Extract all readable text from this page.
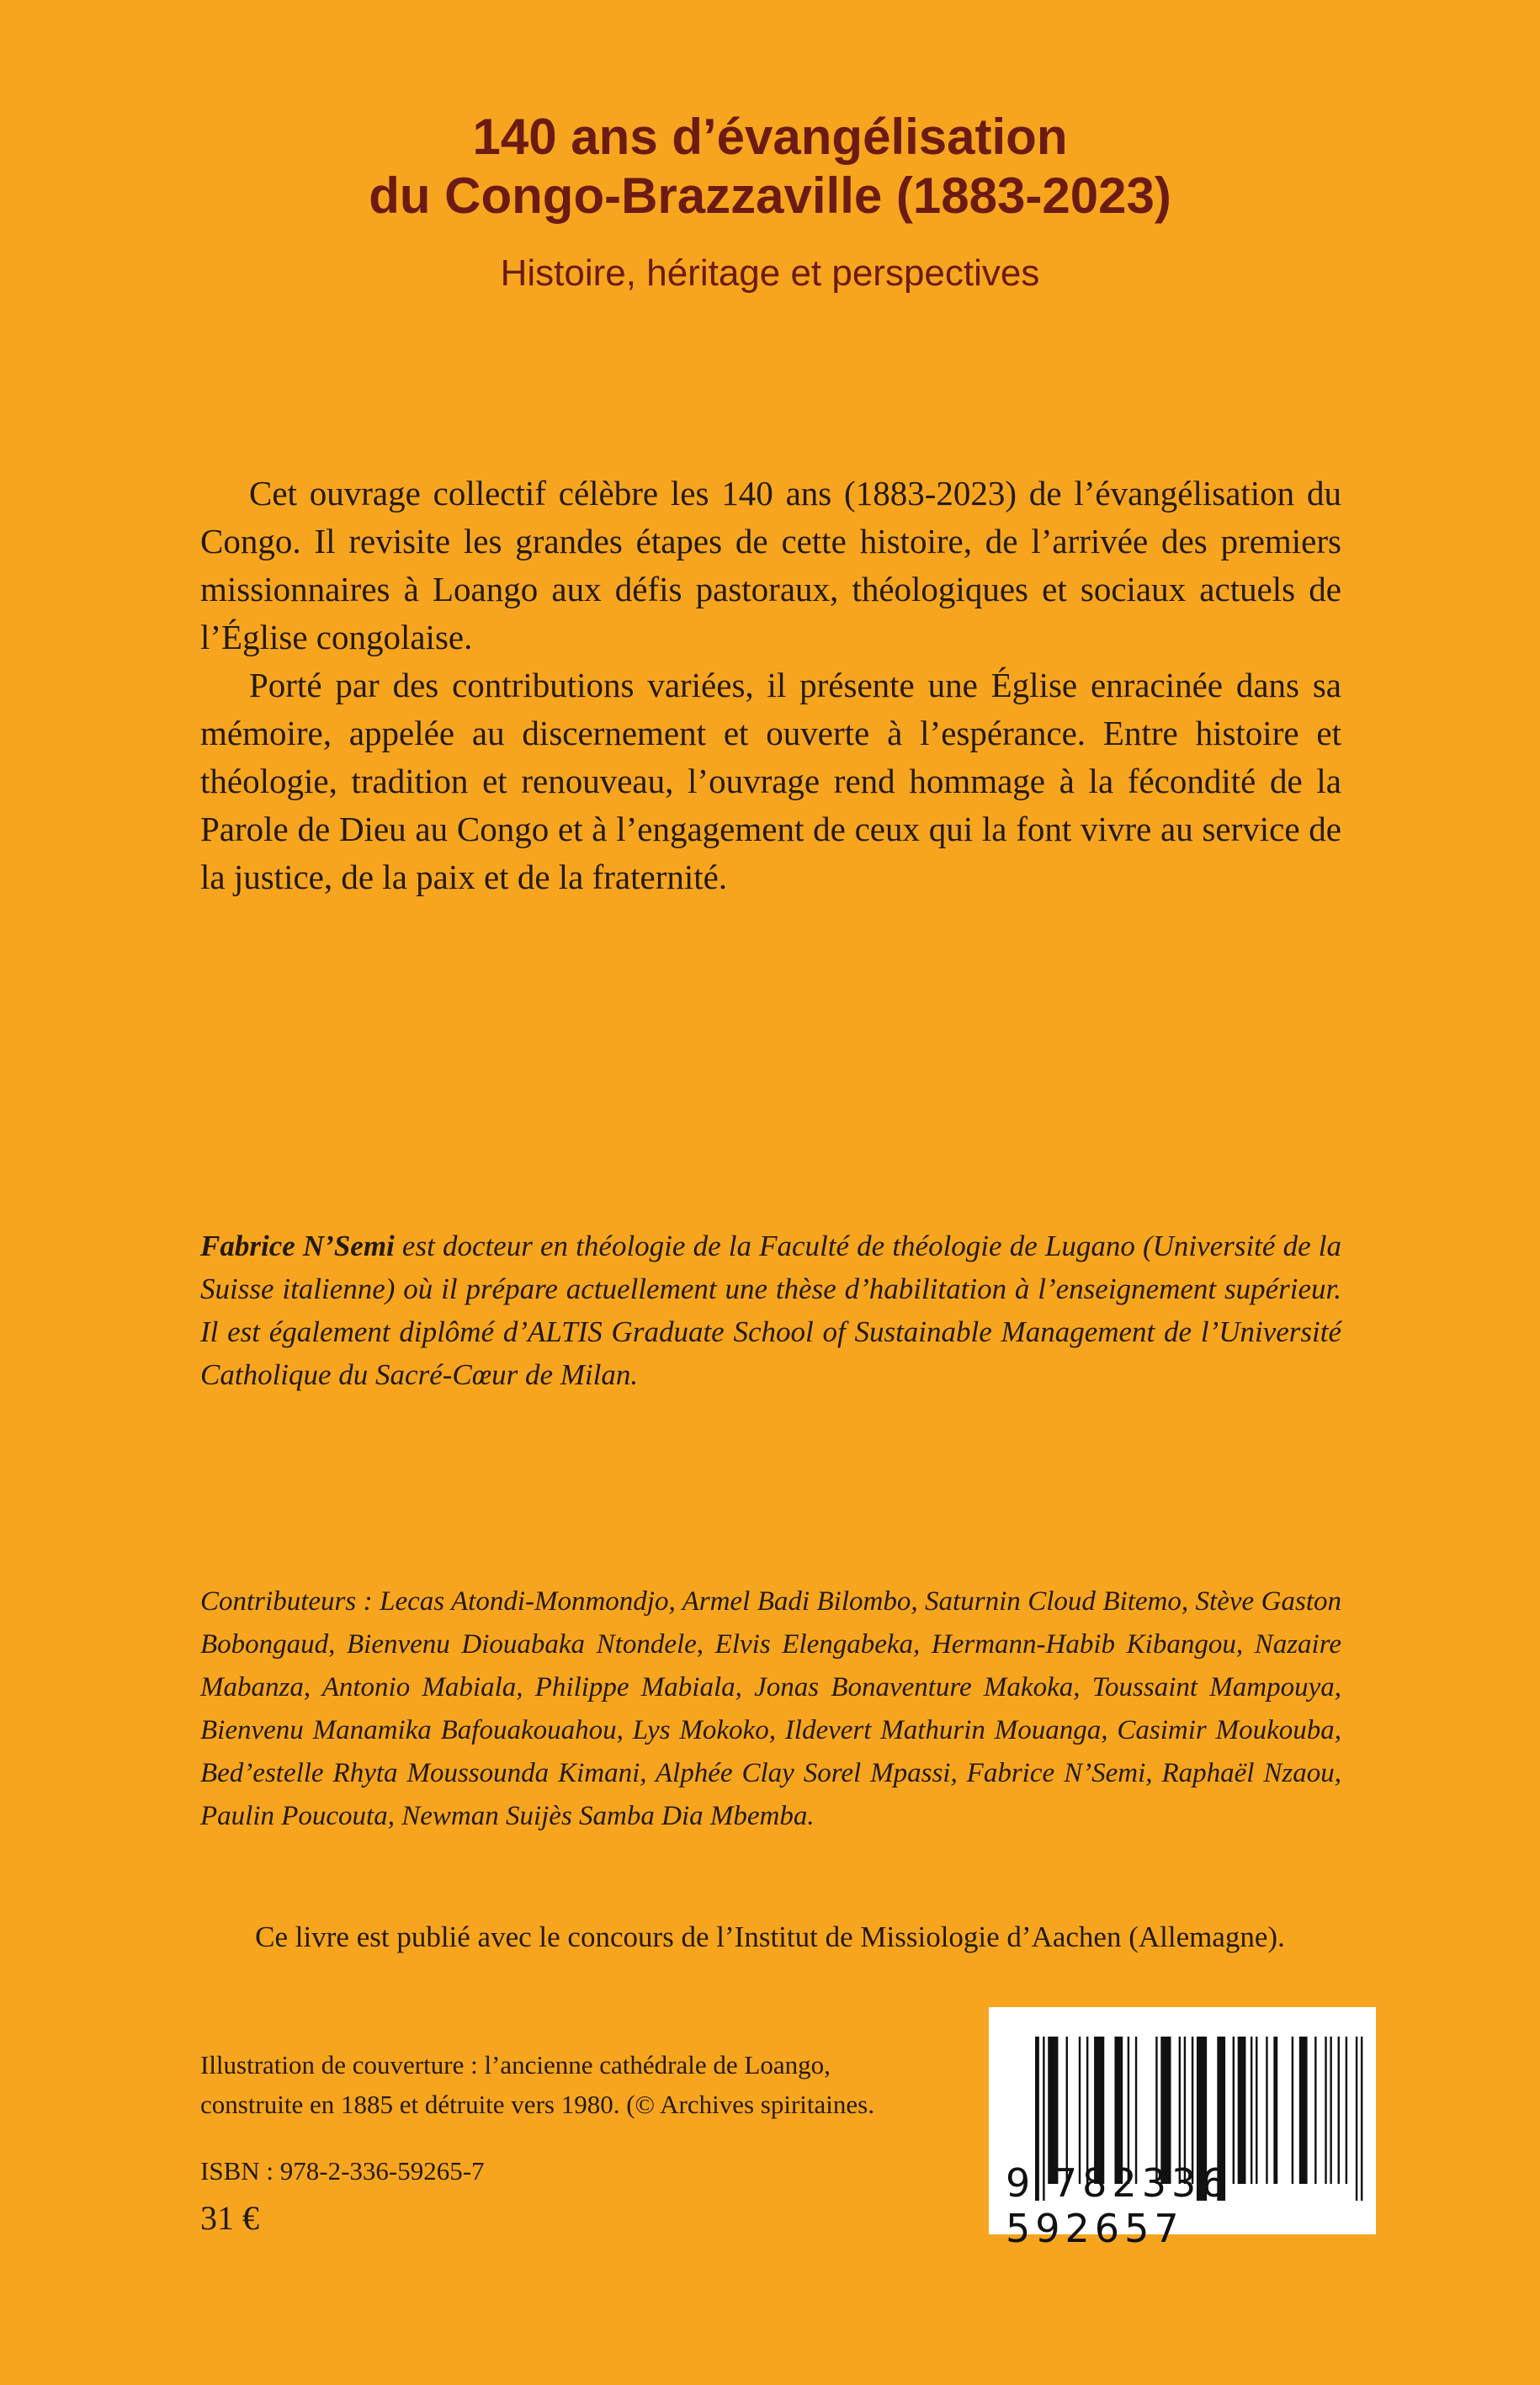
140 ans d’évangélisation
du Congo-Brazzaville (1883-2023)
Histoire, héritage et perspectives

Cet ouvrage collectif célèbre les 140 ans (1883-2023) de l’évangélisation du Congo. Il revisite les grandes étapes de cette histoire, de l’arrivée des premiers missionnaires à Loango aux défis pastoraux, théologiques et sociaux actuels de l’Église congolaise.

Porté par des contributions variées, il présente une Église enracinée dans sa mémoire, appelée au discernement et ouverte à l’espérance. Entre histoire et théologie, tradition et renouveau, l’ouvrage rend hommage à la fécondité de la Parole de Dieu au Congo et à l’engagement de ceux qui la font vivre au service de la justice, de la paix et de la fraternité.

Fabrice N’Semi est docteur en théologie de la Faculté de théologie de Lugano (Université de la Suisse italienne) où il prépare actuellement une thèse d’habilitation à l’enseignement supérieur. Il est également diplômé d’ALTIS Graduate School of Sustainable Management de l’Université Catholique du Sacré-Cœur de Milan.
Contributeurs : Lecas Atondi-Monmondjo, Armel Badi Bilombo, Saturnin Cloud Bitemo, Stève Gaston Bobongaud, Bienvenu Diouabaka Ntondele, Elvis Elengabeka, Hermann-Habib Kibangou, Nazaire Mabanza, Antonio Mabiala, Philippe Mabiala, Jonas Bonaventure Makoka, Toussaint Mampouya, Bienvenu Manamika Bafouakouahou, Lys Mokoko, Ildevert Mathurin Mouanga, Casimir Moukouba, Bed’estelle Rhyta Moussounda Kimani, Alphée Clay Sorel Mpassi, Fabrice N’Semi, Raphaël Nzaou, Paulin Poucouta, Newman Suijès Samba Dia Mbemba.
Ce livre est publié avec le concours de l’Institut de Missiologie d’Aachen (Allemagne).
Illustration de couverture : l’ancienne cathédrale de Loango,
construite en 1885 et détruite vers 1980. (© Archives spiritaines.
ISBN : 978-2-336-59265-7
31 €
9 782336 592657
